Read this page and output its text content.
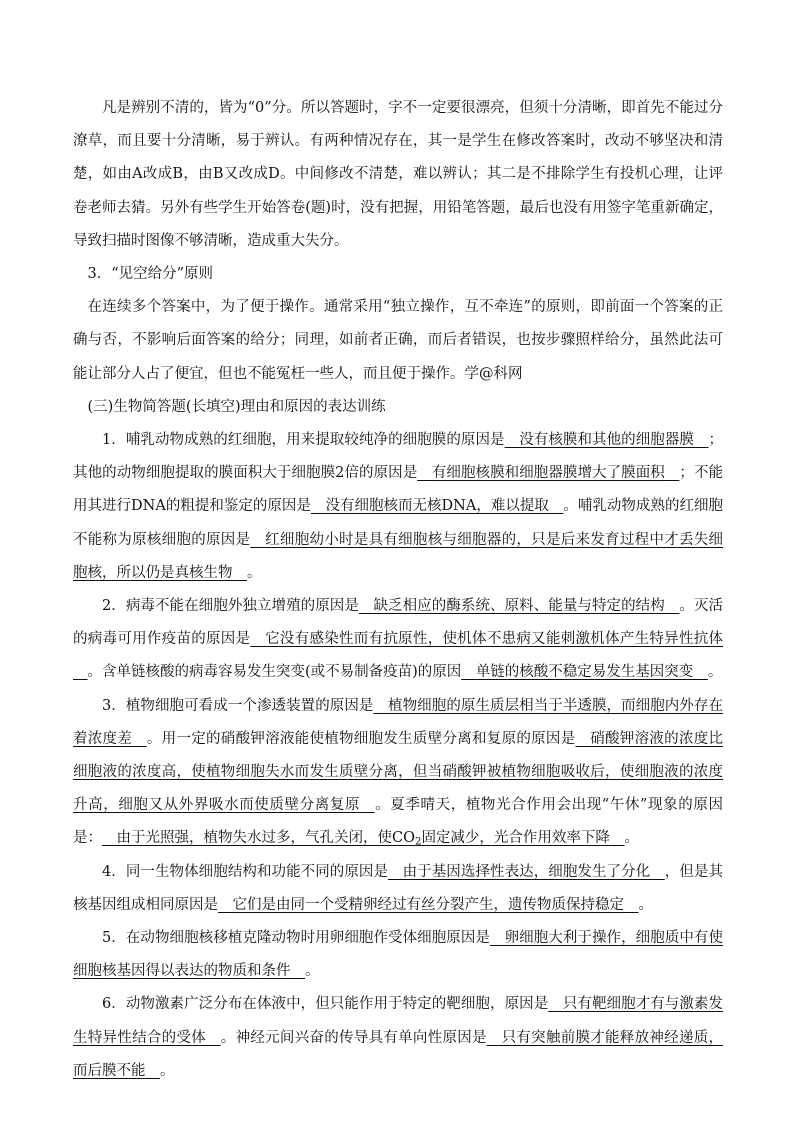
凡是辨别不清的，皆为“0”分。所以答题时，字不一定要很漂亮，但须十分清晰，即首先不能过分潦草，而且要十分清晰，易于辨认。有两种情况存在，其一是学生在修改答案时，改动不够坚决和清楚，如由A改成B，由B又改成D。中间修改不清楚，难以辨认；其二是不排除学生有投机心理，让评卷老师去猜。另外有些学生开始答卷(题)时，没有把握，用铅笔答题，最后也没有用签字笔重新确定，导致扫描时图像不够清晰，造成重大失分。

3．“见空给分”原则

在连续多个答案中，为了便于操作。通常采用“独立操作，互不牵连”的原则，即前面一个答案的正确与否，不影响后面答案的给分；同理，如前者正确，而后者错误，也按步骤照样给分，虽然此法可能让部分人占了便宜，但也不能冤枉一些人，而且便于操作。学@科网

(三)生物简答题(长填空)理由和原因的表达训练

1．哺乳动物成熟的红细胞，用来提取较纯净的细胞膜的原因是__没有核膜和其他的细胞器膜__；其他的动物细胞提取的膜面积大于细胞膜2倍的原因是__有细胞核膜和细胞器膜增大了膜面积__；不能用其进行DNA的粗提和鉴定的原因是__没有细胞核而无核DNA，难以提取__。哺乳动物成熟的红细胞不能称为原核细胞的原因是__红细胞幼小时是具有细胞核与细胞器的，只是后来发育过程中才丢失细胞核，所以仍是真核生物__。

2．病毒不能在细胞外独立增殖的原因是__缺乏相应的酶系统、原料、能量与特定的结构__。灭活的病毒可用作疫苗的原因是__它没有感染性而有抗原性，使机体不患病又能刺激机体产生特异性抗体__。含单链核酸的病毒容易发生突变(或不易制备疫苗)的原因__单链的核酸不稳定易发生基因突变__。

3．植物细胞可看成一个渗透装置的原因是__植物细胞的原生质层相当于半透膜，而细胞内外存在着浓度差__。用一定的硝酸钾溶液能使植物细胞发生质壁分离和复原的原因是__硝酸钾溶液的浓度比细胞液的浓度高，使植物细胞失水而发生质壁分离，但当硝酸钾被植物细胞吸收后，使细胞液的浓度升高，细胞又从外界吸水而使质壁分离复原__。夏季晴天，植物光合作用会出现“午休”现象的原因是：__由于光照强，植物失水过多，气孔关闭，使$CO_2$固定减少，光合作用效率下降__。

4．同一生物体细胞结构和功能不同的原因是__由于基因选择性表达，细胞发生了分化__，但是其核基因组成相同原因是__它们是由同一个受精卵经过有丝分裂产生，遗传物质保持稳定__。

5．在动物细胞核移植克隆动物时用卵细胞作受体细胞原因是__卵细胞大利于操作，细胞质中有使细胞核基因得以表达的物质和条件__。

6．动物激素广泛分布在体液中，但只能作用于特定的靶细胞，原因是__只有靶细胞才有与激素发生特异性结合的受体__。神经元间兴奋的传导具有单向性原因是__只有突触前膜才能释放神经递质，而后膜不能__。
